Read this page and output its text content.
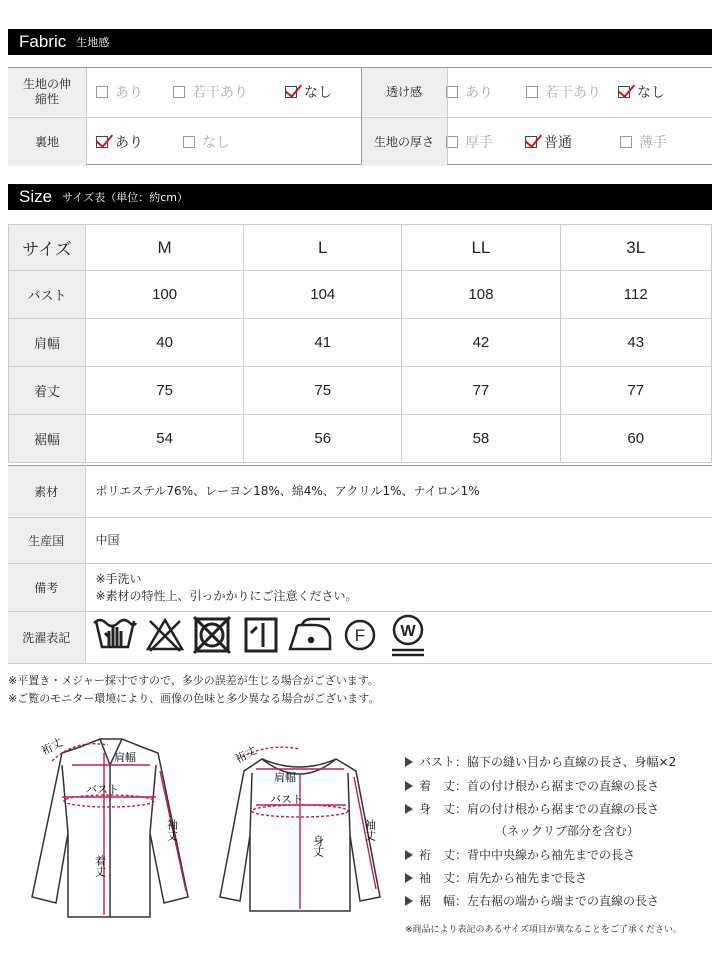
Fabric 生地感
生地の伸縮性	あり	若干あり	なし	透け感	あり	若干あり	なし
裏地	あり	なし	生地の厚さ 厚手	普通	薄手
Size サイズ表（単位：約cm）
サイズ	M	L	LL	3L
バスト	100	104	108	112
肩幅	40	41	42	43
着丈	75	75	77	77
裾幅	54	56	58	60
素材	ポリエステル76%、レーヨン18%、綿4%、アクリル1%、ナイロン1%
生産国	中国
備考	※手洗い
※素材の特性上、引っかかりにご注意ください。

洗濯表記	F W
※平置き・メジャー採寸ですので、多少の誤差が生じる場合がございます。
※ご覧のモニター環境により、画像の色味と多少異なる場合がございます。
裄丈	肩幅
バスト
袖丈
着丈
裄丈
肩幅
バスト
袖丈
身丈
バスト：脇下の縫い目から直線の長さ、身幅×2
着　丈：首の付け根から裾までの直線の長さ
身　丈：肩の付け根から裾までの直線の長さ
（ネックリブ部分を含む）
裄　丈：背中中央線から袖先までの長さ
袖　丈：肩先から袖先まで長さ
裾　幅：左右裾の端から端までの直線の長さ
※商品により表記のあるサイズ項目が異なることをご了承ください。
